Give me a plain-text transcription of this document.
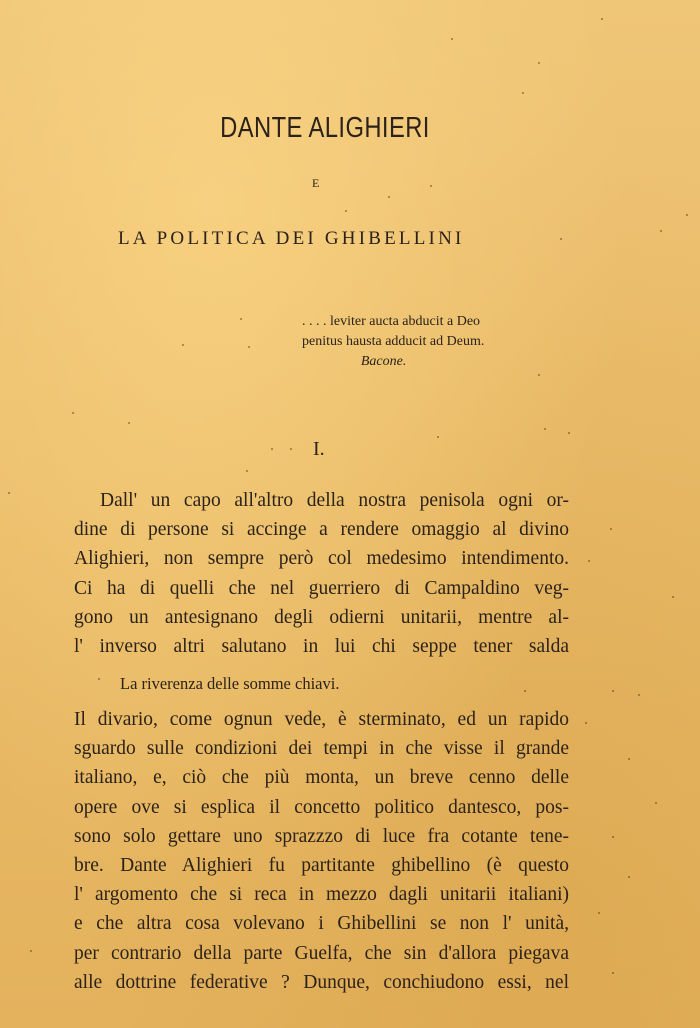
DANTE ALIGHIERI
E
LA POLITICA DEI GHIBELLINI
. . . . leviter aucta abducit a Deo
penitus hausta adducit ad Deum.
Bacone.
I.
Dall' un capo all'altro della nostra penisola ogni or-
dine di persone si accinge a rendere omaggio al divino
Alighieri, non sempre però col medesimo intendimento.
Ci ha di quelli che nel guerriero di Campaldino veg-
gono un antesignano degli odierni unitarii, mentre al-
l' inverso altri salutano in lui chi seppe tener salda
La riverenza delle somme chiavi.
Il divario, come ognun vede, è sterminato, ed un rapido
sguardo sulle condizioni dei tempi in che visse il grande
italiano, e, ciò che più monta, un breve cenno delle
opere ove si esplica il concetto politico dantesco, pos-
sono solo gettare uno sprazzzo di luce fra cotante tene-
bre. Dante Alighieri fu partitante ghibellino (è questo
l' argomento che si reca in mezzo dagli unitarii italiani)
e che altra cosa volevano i Ghibellini se non l' unità,
per contrario della parte Guelfa, che sin d'allora piegava
alle dottrine federative ? Dunque, conchiudono essi, nel
